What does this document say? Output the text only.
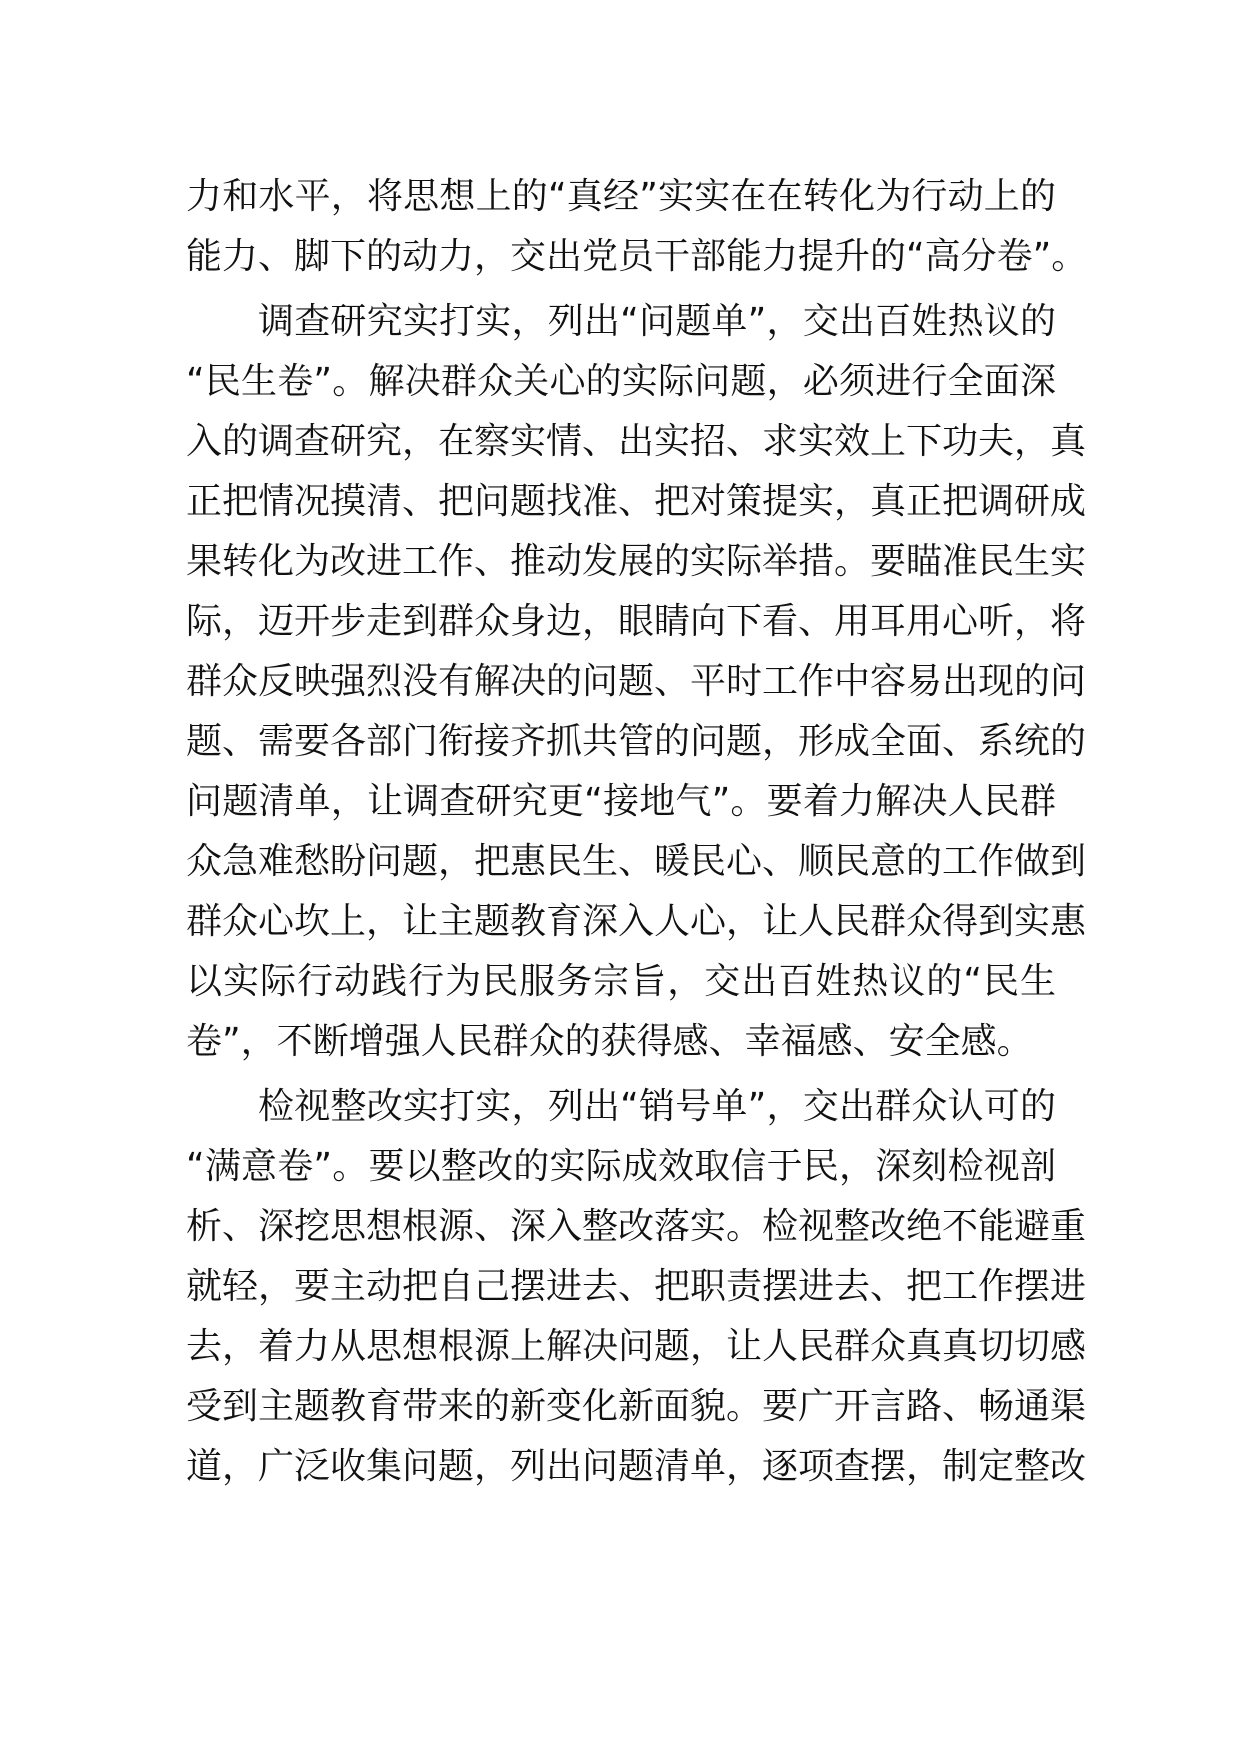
力和水平，将思想上的“真经”实实在在转化为行动上的
能力、脚下的动力，交出党员干部能力提升的“高分卷”。
调查研究实打实，列出“问题单”，交出百姓热议的
“民生卷”。解决群众关心的实际问题，必须进行全面深
入的调查研究，在察实情、出实招、求实效上下功夫，真
正把情况摸清、把问题找准、把对策提实，真正把调研成
果转化为改进工作、推动发展的实际举措。要瞄准民生实
际，迈开步走到群众身边，眼睛向下看、用耳用心听，将
群众反映强烈没有解决的问题、平时工作中容易出现的问
题、需要各部门衔接齐抓共管的问题，形成全面、系统的
问题清单，让调查研究更“接地气”。要着力解决人民群
众急难愁盼问题，把惠民生、暖民心、顺民意的工作做到
群众心坎上，让主题教育深入人心，让人民群众得到实惠
以实际行动践行为民服务宗旨，交出百姓热议的“民生
卷”，不断增强人民群众的获得感、幸福感、安全感。
检视整改实打实，列出“销号单”，交出群众认可的
“满意卷”。要以整改的实际成效取信于民，深刻检视剖
析、深挖思想根源、深入整改落实。检视整改绝不能避重
就轻，要主动把自己摆进去、把职责摆进去、把工作摆进
去，着力从思想根源上解决问题，让人民群众真真切切感
受到主题教育带来的新变化新面貌。要广开言路、畅通渠
道，广泛收集问题，列出问题清单，逐项查摆，制定整改
